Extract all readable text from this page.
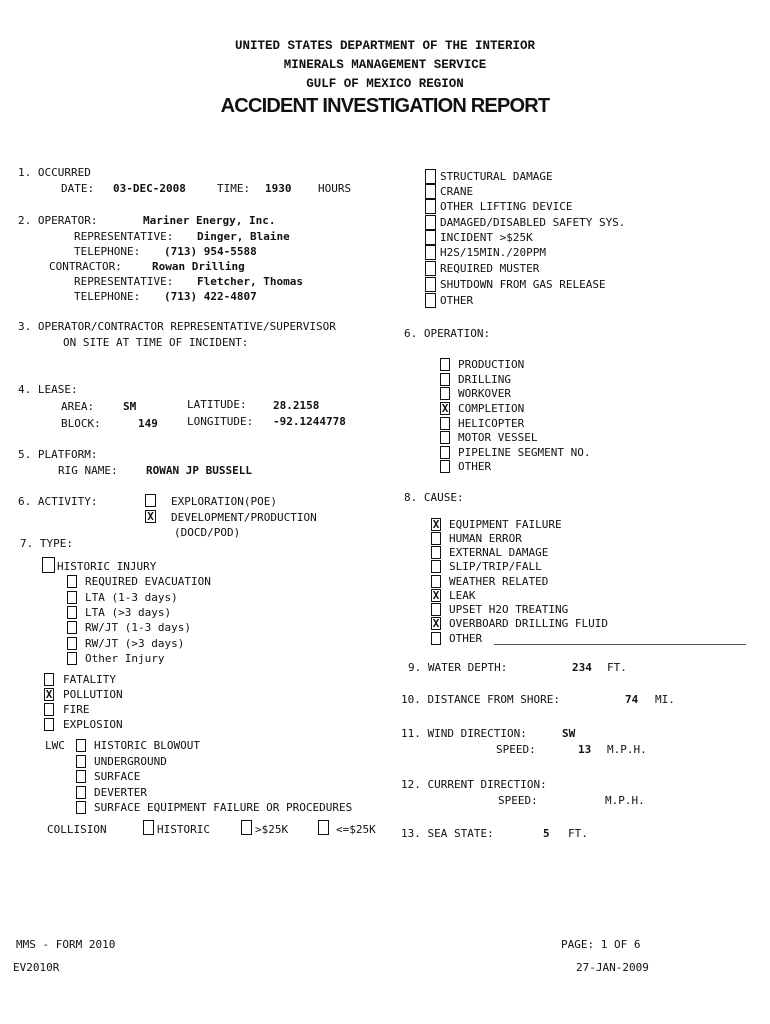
UNITED STATES DEPARTMENT OF THE INTERIOR
MINERALS MANAGEMENT SERVICE
GULF OF MEXICO REGION
ACCIDENT INVESTIGATION REPORT
1. OCCURRED
DATE: 03-DEC-2008	TIME: 1930 HOURS
2. OPERATOR:	Mariner Energy, Inc.
REPRESENTATIVE: Dinger, Blaine
TELEPHONE: (713) 954-5588
CONTRACTOR:	Rowan Drilling
REPRESENTATIVE: Fletcher, Thomas
TELEPHONE: (713) 422-4807
3. OPERATOR/CONTRACTOR REPRESENTATIVE/SUPERVISOR
ON SITE AT TIME OF INCIDENT:
4. LEASE:
AREA:	SM	LATITUDE: 28.2158
BLOCK:	149	LONGITUDE: -92.1244778
5. PLATFORM:
RIG NAME:	ROWAN JP BUSSELL
6. ACTIVITY:	EXPLORATION(POE)
X DEVELOPMENT/PRODUCTION
(DOCD/POD)
7. TYPE:
HISTORIC INJURY
REQUIRED EVACUATION
LTA (1-3 days)
LTA (>3 days)
RW/JT (1-3 days)
RW/JT (>3 days)
Other Injury
FATALITY
X POLLUTION
FIRE
EXPLOSION
LWC	HISTORIC BLOWOUT
UNDERGROUND
SURFACE
DEVERTER
SURFACE EQUIPMENT FAILURE OR PROCEDURES
COLLISION	HISTORIC	>$25K	<=$25K
STRUCTURAL DAMAGE
CRANE
OTHER LIFTING DEVICE
DAMAGED/DISABLED SAFETY SYS.
INCIDENT >$25K
H2S/15MIN./20PPM
REQUIRED MUSTER
SHUTDOWN FROM GAS RELEASE
OTHER
6. OPERATION:
PRODUCTION
DRILLING
WORKOVER
X COMPLETION
HELICOPTER
MOTOR VESSEL
PIPELINE SEGMENT NO.
OTHER
8. CAUSE:
X EQUIPMENT FAILURE
HUMAN ERROR
EXTERNAL DAMAGE
SLIP/TRIP/FALL
WEATHER RELATED
X LEAK
UPSET H2O TREATING
X OVERBOARD DRILLING FLUID
OTHER
9. WATER DEPTH:	234 FT.
10. DISTANCE FROM SHORE:	74 MI.
11. WIND DIRECTION:	SW
SPEED:	13 M.P.H.
12. CURRENT DIRECTION:
SPEED:	M.P.H.
13. SEA STATE:	5 FT.
MMS - FORM 2010	PAGE: 1 OF 6
EV2010R	27-JAN-2009
